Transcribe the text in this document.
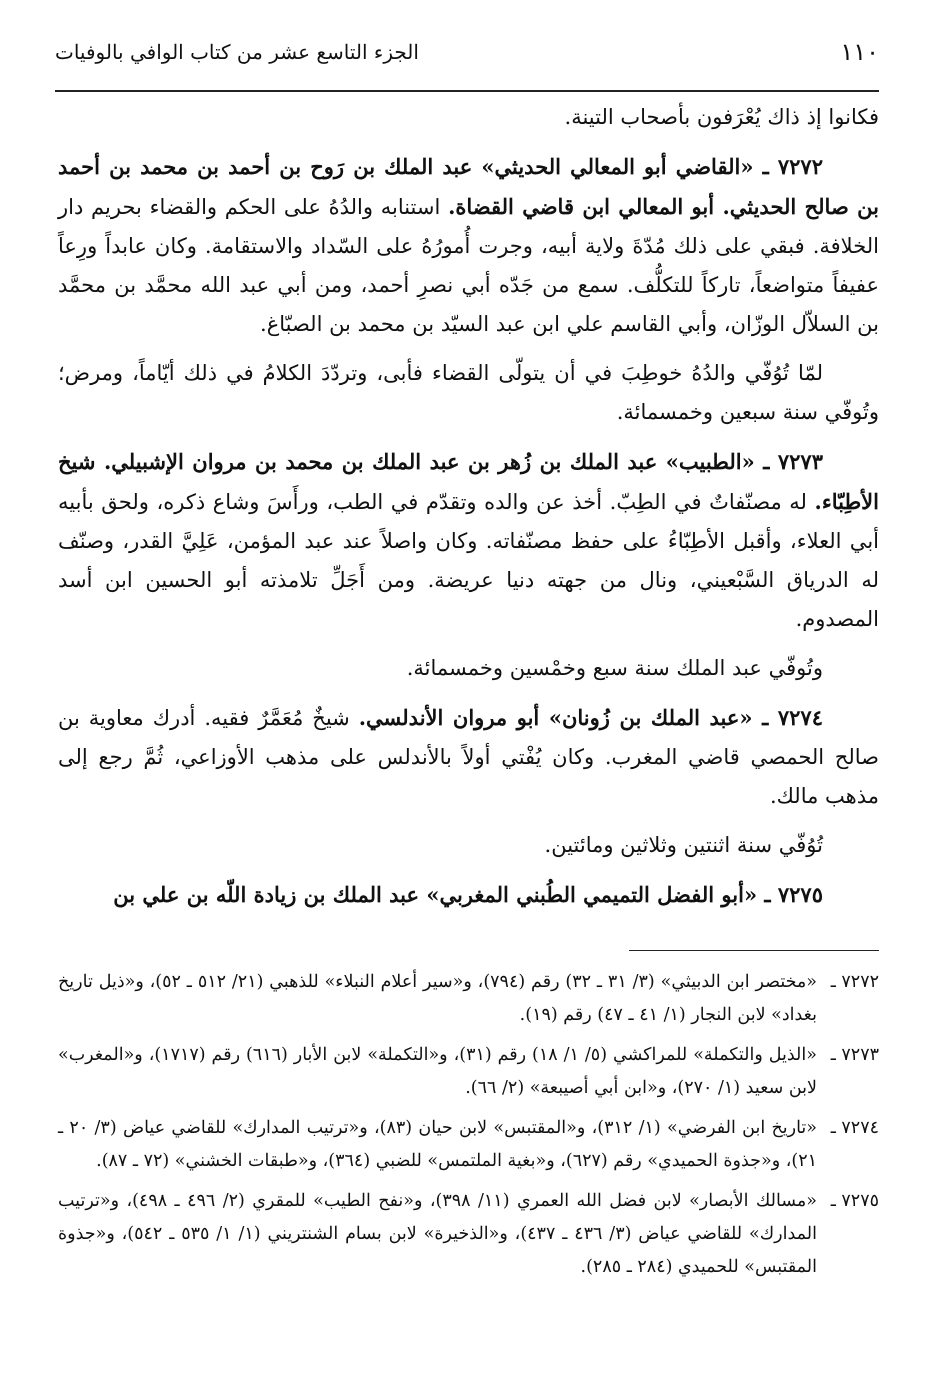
١١٠
الجزء التاسع عشر من كتاب الوافي بالوفيات

فكانوا إذ ذاك يُعْرَفون بأصحاب التينة.

٧٢٧٢ ـ «القاضي أبو المعالي الحديثي» عبد الملك بن رَوح بن أحمد بن محمد بن أحمد بن صالح الحديثي. أبو المعالي ابن قاضي القضاة. استنابه والدُهُ على الحكم والقضاء بحريم دار الخلافة. فبقي على ذلك مُدّةَ ولاية أبيه، وجرت أُمورُهُ على السّداد والاستقامة. وكان عابداً ورِعاً عفيفاً متواضعاً، تاركاً للتكلُّف. سمع من جَدّه أبي نصرِ أحمد، ومن أبي عبد الله محمَّد بن محمَّد بن السلاّل الوزّان، وأبي القاسم علي ابن عبد السيّد بن محمد بن الصبّاغ.

لمّا تُوُفّي والدُهُ خوطِبَ في أن يتولّى القضاء فأبى، وتردّدَ الكلامُ في ذلك أيّاماً، ومرض؛ وتُوفّي سنة سبعين وخمسمائة.

٧٢٧٣ ـ «الطبيب» عبد الملك بن زُهر بن عبد الملك بن محمد بن مروان الإشبيلي. شيخ الأطِبّاء. له مصنّفاتٌ في الطِبّ. أخذ عن والده وتقدّم في الطب، ورأَسَ وشاع ذكره، ولحق بأبيه أبي العلاء، وأقبل الأطِبّاءُ على حفظ مصنّفاته. وكان واصلاً عند عبد المؤمن، عَلِيَّ القدر، وصنّف له الدرياق السَّبْعيني، ونال من جهته دنيا عريضة. ومن أَجَلِّ تلامذته أبو الحسين ابن أسد المصدوم.

وتُوفّي عبد الملك سنة سبع وخمْسين وخمسمائة.

٧٢٧٤ ـ «عبد الملك بن زُونان» أبو مروان الأندلسي. شيخٌ مُعَمَّرٌ فقيه. أدرك معاوية بن صالح الحمصي قاضي المغرب. وكان يُفْتي أولاً بالأندلس على مذهب الأوزاعي، ثُمَّ رجع إلى مذهب مالك.

تُوُفّي سنة اثنتين وثلاثين ومائتين.

٧٢٧٥ ـ «أبو الفضل التميمي الطُبني المغربي» عبد الملك بن زيادة اللّه بن علي بن

٧٢٧٢ ـ
«مختصر ابن الدبيثي» (٣/ ٣١ ـ ٣٢) رقم (٧٩٤)، و«سير أعلام النبلاء» للذهبي (٢١/ ٥١٢ ـ ٥٢)، و«ذيل تاريخ بغداد» لابن النجار (١/ ٤١ ـ ٤٧) رقم (١٩).
٧٢٧٣ ـ
«الذيل والتكملة» للمراكشي (٥/ ١/ ١٨) رقم (٣١)، و«التكملة» لابن الأبار (٦١٦) رقم (١٧١٧)، و«المغرب» لابن سعيد (١/ ٢٧٠)، و«ابن أبي أصيبعة» (٢/ ٦٦).
٧٢٧٤ ـ
«تاريخ ابن الفرضي» (١/ ٣١٢)، و«المقتبس» لابن حيان (٨٣)، و«ترتيب المدارك» للقاضي عياض (٣/ ٢٠ ـ ٢١)، و«جذوة الحميدي» رقم (٦٢٧)، و«بغية الملتمس» للضبي (٣٦٤)، و«طبقات الخشني» (٧٢ ـ ٨٧).
٧٢٧٥ ـ
«مسالك الأبصار» لابن فضل الله العمري (١١/ ٣٩٨)، و«نفح الطيب» للمقري (٢/ ٤٩٦ ـ ٤٩٨)، و«ترتيب المدارك» للقاضي عياض (٣/ ٤٣٦ ـ ٤٣٧)، و«الذخيرة» لابن بسام الشنتريني (١/ ١/ ٥٣٥ ـ ٥٤٢)، و«جذوة المقتبس» للحميدي (٢٨٤ ـ ٢٨٥).
